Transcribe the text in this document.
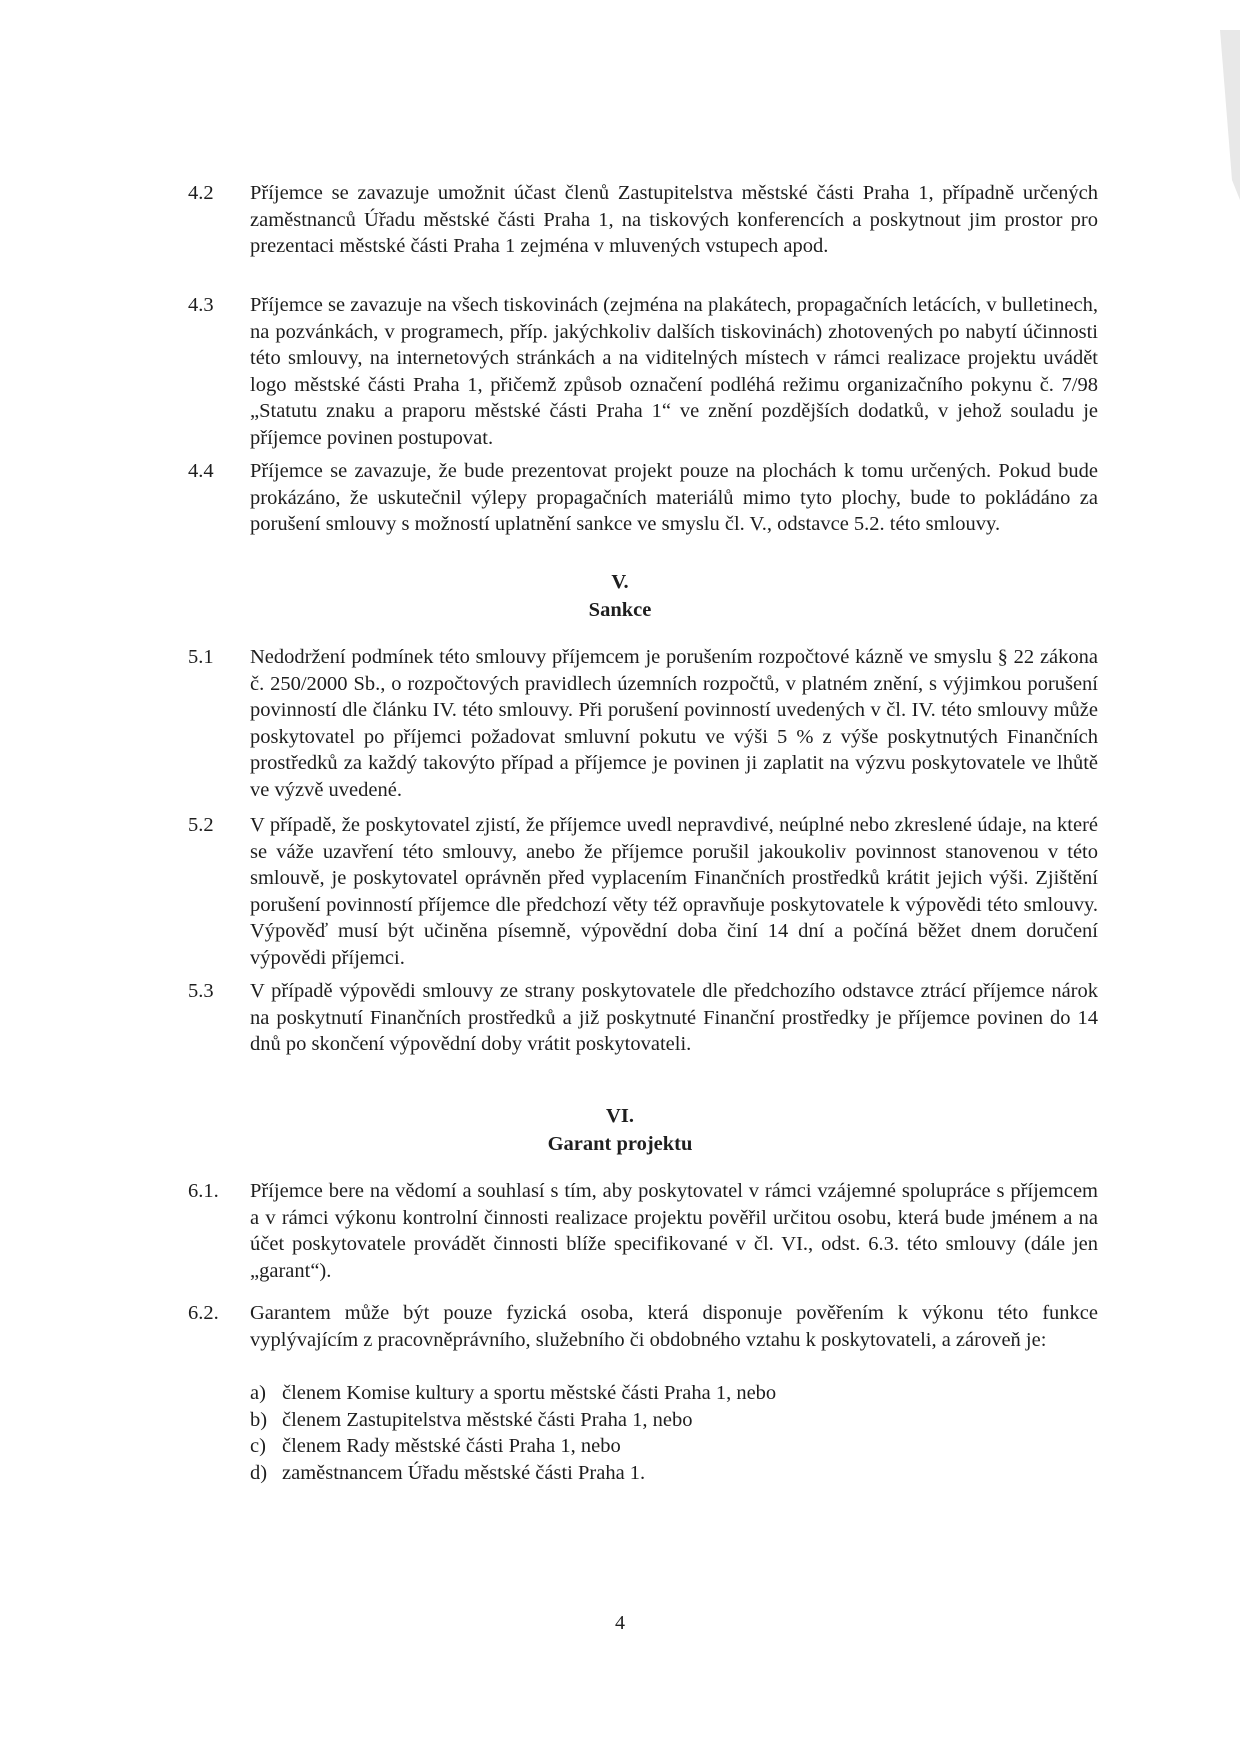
4.2 Příjemce se zavazuje umožnit účast členů Zastupitelstva městské části Praha 1, případně určených zaměstnanců Úřadu městské části Praha 1, na tiskových konferencích a poskytnout jim prostor pro prezentaci městské části Praha 1 zejména v mluvených vstupech apod.
4.3 Příjemce se zavazuje na všech tiskovinách (zejména na plakátech, propagačních letácích, v bulletinech, na pozvánkách, v programech, příp. jakýchkoliv dalších tiskovinách) zhotovených po nabytí účinnosti této smlouvy, na internetových stránkách a na viditelných místech v rámci realizace projektu uvádět logo městské části Praha 1, přičemž způsob označení podléhá režimu organizačního pokynu č. 7/98 „Statutu znaku a praporu městské části Praha 1“ ve znění pozdějších dodatků, v jehož souladu je příjemce povinen postupovat.
4.4 Příjemce se zavazuje, že bude prezentovat projekt pouze na plochách k tomu určených. Pokud bude prokázáno, že uskutečnil výlepy propagačních materiálů mimo tyto plochy, bude to pokládáno za porušení smlouvy s možností uplatnění sankce ve smyslu čl. V., odstavce 5.2. této smlouvy.
V.
Sankce
5.1 Nedodržení podmínek této smlouvy příjemcem je porušením rozpočtové kázně ve smyslu § 22 zákona č. 250/2000 Sb., o rozpočtových pravidlech územních rozpočtů, v platném znění, s výjimkou porušení povinností dle článku IV. této smlouvy. Při porušení povinností uvedených v čl. IV. této smlouvy může poskytovatel po příjemci požadovat smluvní pokutu ve výši 5 % z výše poskytnutých Finančních prostředků za každý takovýto případ a příjemce je povinen ji zaplatit na výzvu poskytovatele ve lhůtě ve výzvě uvedené.
5.2 V případě, že poskytovatel zjistí, že příjemce uvedl nepravdivé, neúplné nebo zkreslené údaje, na které se váže uzavření této smlouvy, anebo že příjemce porušil jakoukoliv povinnost stanovenou v této smlouvě, je poskytovatel oprávněn před vyplacením Finančních prostředků krátit jejich výši. Zjištění porušení povinností příjemce dle předchozí věty též opravňuje poskytovatele k výpovědi této smlouvy. Výpověď musí být učiněna písemně, výpovědní doba činí 14 dní a počíná běžet dnem doručení výpovědi příjemci.
5.3 V případě výpovědi smlouvy ze strany poskytovatele dle předchozího odstavce ztrácí příjemce nárok na poskytnutí Finančních prostředků a již poskytnuté Finanční prostředky je příjemce povinen do 14 dnů po skončení výpovědní doby vrátit poskytovateli.
VI.
Garant projektu
6.1. Příjemce bere na vědomí a souhlasí s tím, aby poskytovatel v rámci vzájemné spolupráce s příjemcem a v rámci výkonu kontrolní činnosti realizace projektu pověřil určitou osobu, která bude jménem a na účet poskytovatele provádět činnosti blíže specifikované v čl. VI., odst. 6.3. této smlouvy (dále jen „garant“).
6.2. Garantem může být pouze fyzická osoba, která disponuje pověřením k výkonu této funkce vyplývajícím z pracovněprávního, služebního či obdobného vztahu k poskytovateli, a zároveň je:
a) členem Komise kultury a sportu městské části Praha 1, nebo
b) členem Zastupitelstva městské části Praha 1, nebo
c) členem Rady městské části Praha 1, nebo
d) zaměstnancem Úřadu městské části Praha 1.
4
